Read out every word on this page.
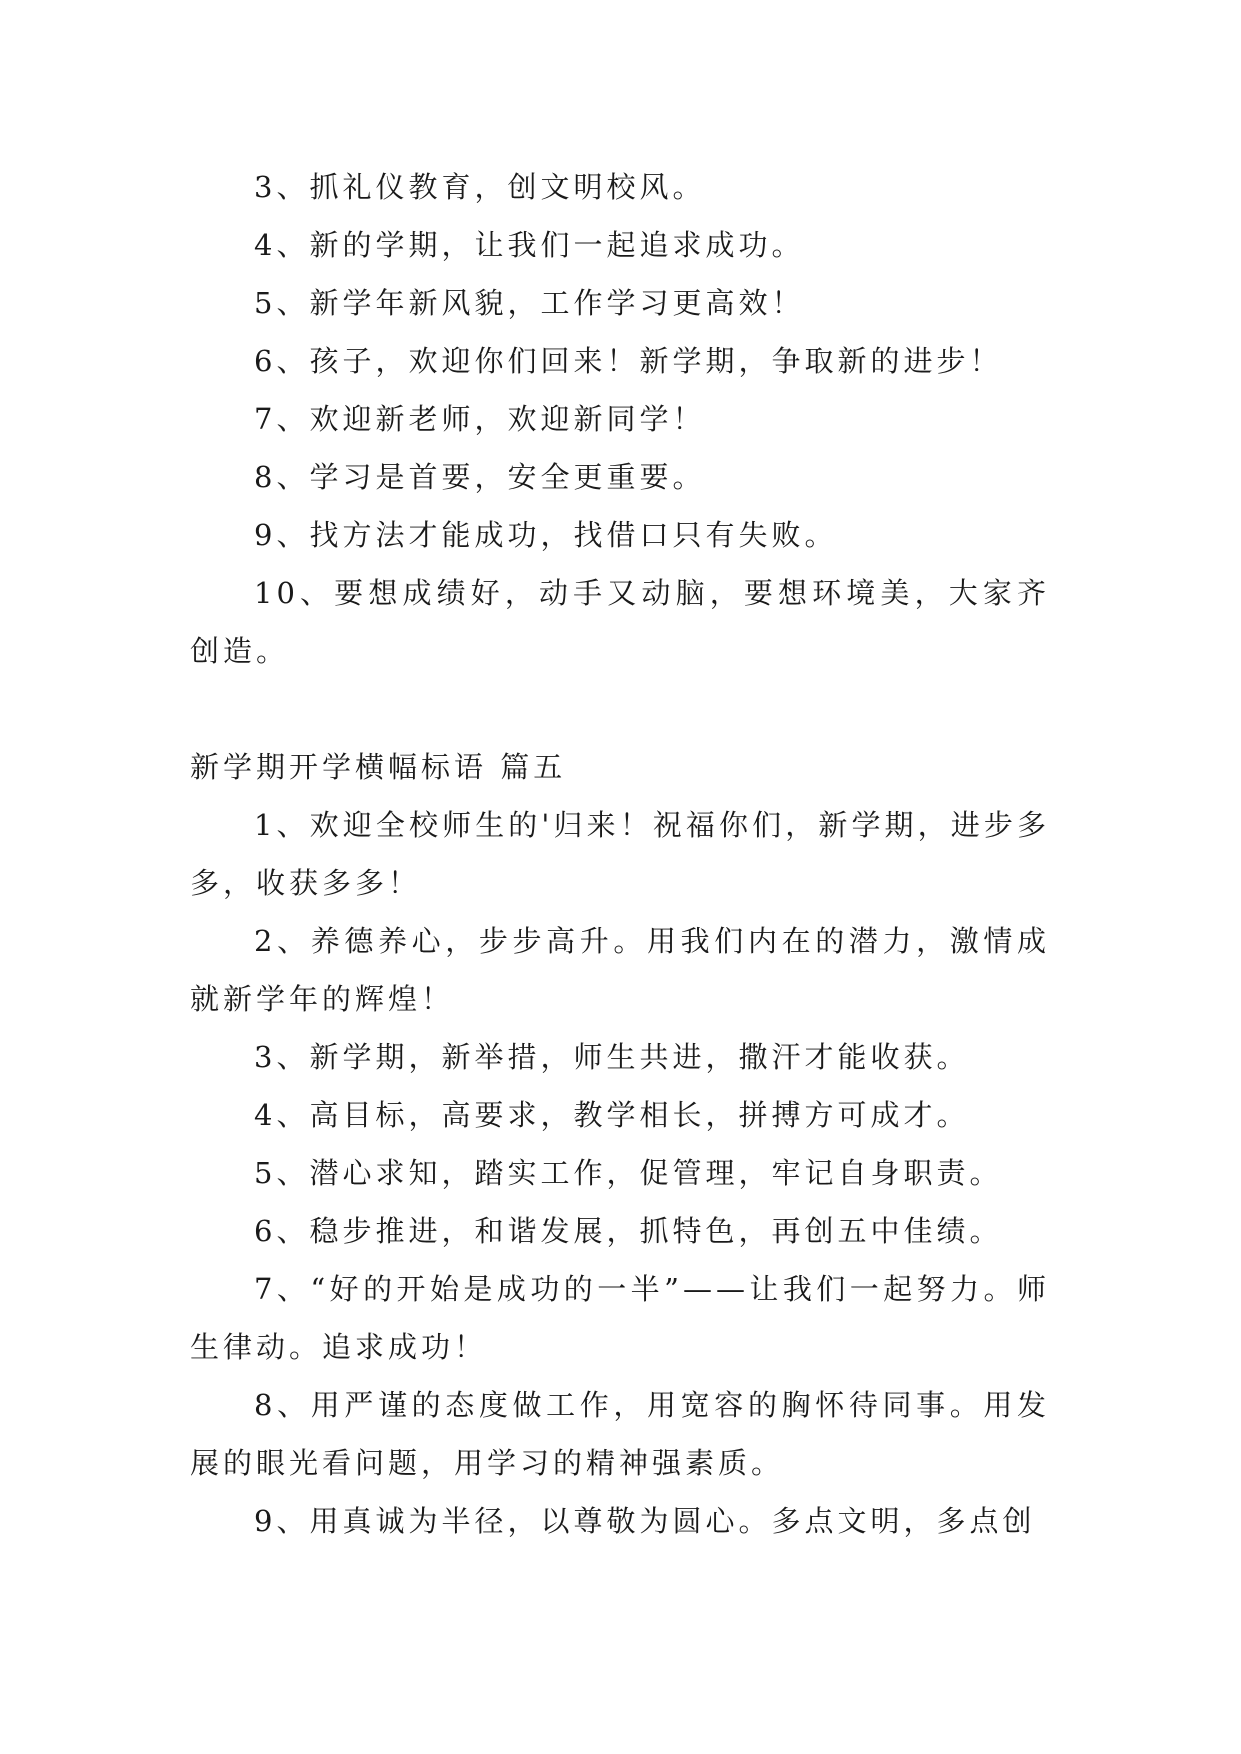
3、抓礼仪教育，创文明校风。

4、新的学期，让我们一起追求成功。

5、新学年新风貌，工作学习更高效！

6、孩子，欢迎你们回来！新学期，争取新的进步！

7、欢迎新老师，欢迎新同学！

8、学习是首要，安全更重要。

9、找方法才能成功，找借口只有失败。

10、要想成绩好，动手又动脑，要想环境美，大家齐创造。

新学期开学横幅标语 篇五

1、欢迎全校师生的'归来！祝福你们，新学期，进步多多，收获多多！

2、养德养心，步步高升。用我们内在的潜力，激情成就新学年的辉煌！

3、新学期，新举措，师生共进，撒汗才能收获。

4、高目标，高要求，教学相长，拼搏方可成才。

5、潜心求知，踏实工作，促管理，牢记自身职责。

6、稳步推进，和谐发展，抓特色，再创五中佳绩。

7、“好的开始是成功的一半”——让我们一起努力。师生律动。追求成功！

8、用严谨的态度做工作，用宽容的胸怀待同事。用发展的眼光看问题，用学习的精神强素质。

9、用真诚为半径，以尊敬为圆心。多点文明，多点创
